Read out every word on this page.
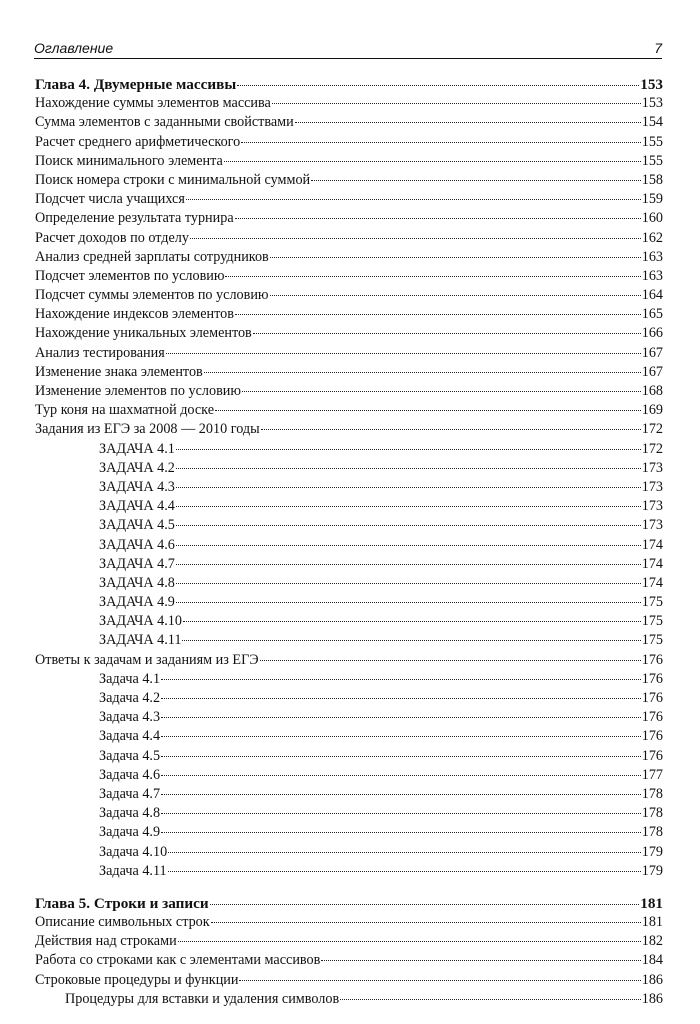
Оглавление	7
Глава 4. Двумерные массивы	153
Нахождение суммы элементов массива	153
Сумма элементов с заданными свойствами	154
Расчет среднего арифметического	155
Поиск минимального элемента	155
Поиск номера строки с минимальной суммой	158
Подсчет числа учащихся	159
Определение результата турнира	160
Расчет доходов по отделу	162
Анализ средней зарплаты сотрудников	163
Подсчет элементов по условию	163
Подсчет суммы элементов по условию	164
Нахождение индексов элементов	165
Нахождение уникальных элементов	166
Анализ тестирования	167
Изменение знака элементов	167
Изменение элементов по условию	168
Тур коня на шахматной доске	169
Задания из ЕГЭ за 2008 — 2010 годы	172
ЗАДАЧА 4.1	172
ЗАДАЧА 4.2	173
ЗАДАЧА 4.3	173
ЗАДАЧА 4.4	173
ЗАДАЧА 4.5	173
ЗАДАЧА 4.6	174
ЗАДАЧА 4.7	174
ЗАДАЧА 4.8	174
ЗАДАЧА 4.9	175
ЗАДАЧА 4.10	175
ЗАДАЧА 4.11	175
Ответы к задачам и заданиям из ЕГЭ	176
Задача 4.1	176
Задача 4.2	176
Задача 4.3	176
Задача 4.4	176
Задача 4.5	176
Задача 4.6	177
Задача 4.7	178
Задача 4.8	178
Задача 4.9	178
Задача 4.10	179
Задача 4.11	179
Глава 5. Строки и записи	181
Описание символьных строк	181
Действия над строками	182
Работа со строками как с элементами массивов	184
Строковые процедуры и функции	186
Процедуры для вставки и удаления символов	186
